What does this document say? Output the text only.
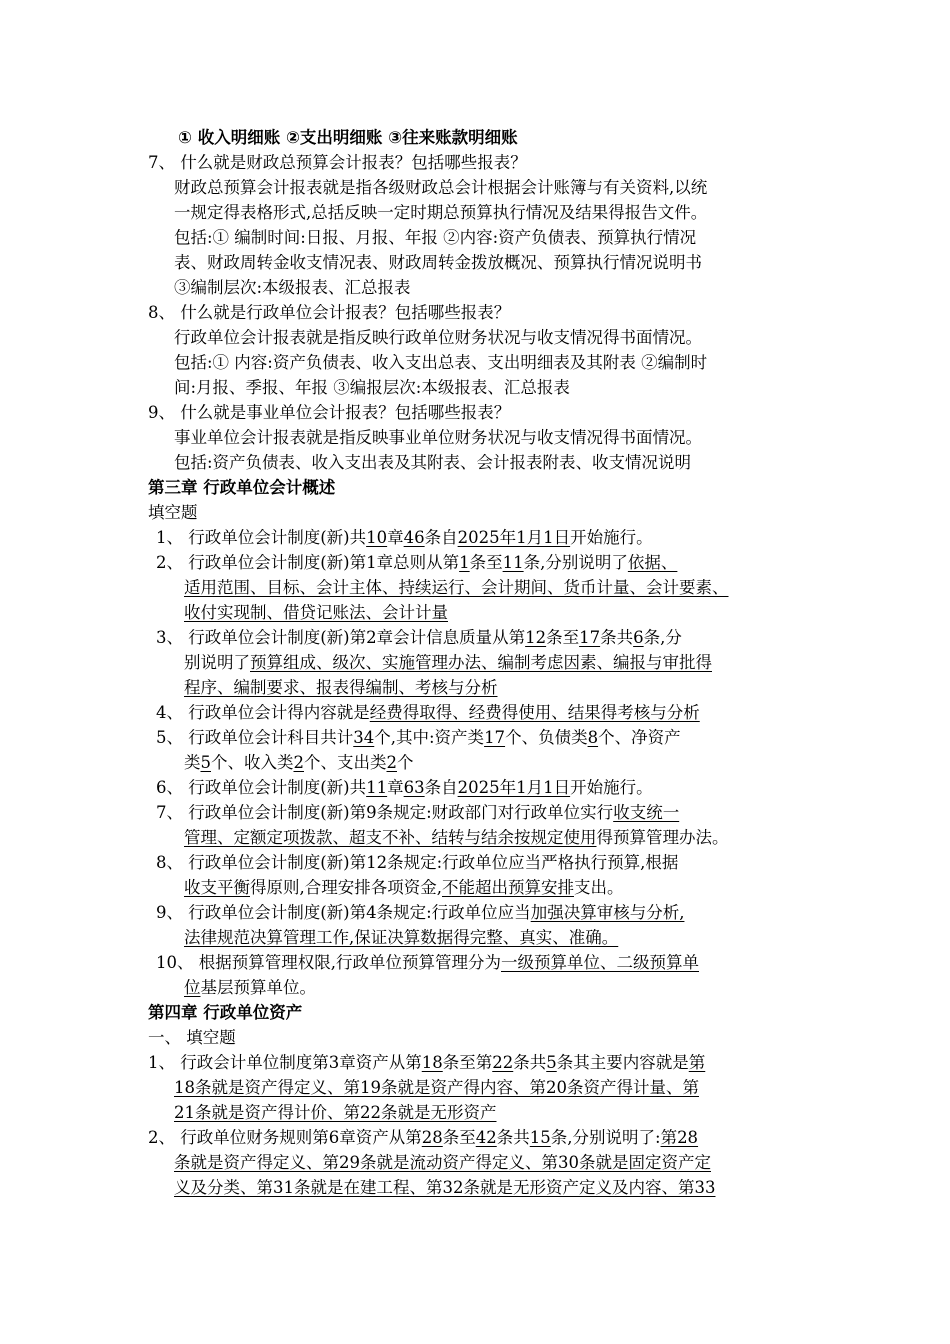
① 收入明细账 ②支出明细账 ③往来账款明细账
7、 什么就是财政总预算会计报表？包括哪些报表？
财政总预算会计报表就是指各级财政总会计根据会计账簿与有关资料,以统
一规定得表格形式,总括反映一定时期总预算执行情况及结果得报告文件。
包括:① 编制时间:日报、月报、年报 ②内容:资产负债表、预算执行情况
表、财政周转金收支情况表、财政周转金拨放概况、预算执行情况说明书
③编制层次:本级报表、汇总报表
8、 什么就是行政单位会计报表？包括哪些报表？
行政单位会计报表就是指反映行政单位财务状况与收支情况得书面情况。
包括:① 内容:资产负债表、收入支出总表、支出明细表及其附表 ②编制时
间:月报、季报、年报 ③编报层次:本级报表、汇总报表
9、 什么就是事业单位会计报表？包括哪些报表？
事业单位会计报表就是指反映事业单位财务状况与收支情况得书面情况。
包括:资产负债表、收入支出表及其附表、会计报表附表、收支情况说明
第三章 行政单位会计概述
填空题
1、 行政单位会计制度(新)共10章46条自2025年1月1日开始施行。
2、 行政单位会计制度(新)第1章总则从第1条至11条,分别说明了依据、
适用范围、目标、会计主体、持续运行、会计期间、货币计量、会计要素、
收付实现制、借贷记账法、会计计量
3、 行政单位会计制度(新)第2章会计信息质量从第12条至17条共6条,分
别说明了预算组成、级次、实施管理办法、编制考虑因素、编报与审批得
程序、编制要求、报表得编制、考核与分析
4、 行政单位会计得内容就是经费得取得、经费得使用、结果得考核与分析
5、 行政单位会计科目共计34个,其中:资产类17个、负债类8个、净资产
类5个、收入类2个、支出类2个
6、 行政单位会计制度(新)共11章63条自2025年1月1日开始施行。
7、 行政单位会计制度(新)第9条规定:财政部门对行政单位实行收支统一
管理、定额定项拨款、超支不补、结转与结余按规定使用得预算管理办法。
8、 行政单位会计制度(新)第12条规定:行政单位应当严格执行预算,根据
收支平衡得原则,合理安排各项资金,不能超出预算安排支出。
9、 行政单位会计制度(新)第4条规定:行政单位应当加强决算审核与分析,
法律规范决算管理工作,保证决算数据得完整、真实、准确。
10、 根据预算管理权限,行政单位预算管理分为一级预算单位、二级预算单
位基层预算单位。
第四章 行政单位资产
一、 填空题
1、 行政会计单位制度第3章资产从第18条至第22条共5条其主要内容就是第
18条就是资产得定义、第19条就是资产得内容、第20条资产得计量、第
21条就是资产得计价、第22条就是无形资产
2、 行政单位财务规则第6章资产从第28条至42条共15条,分别说明了:第28
条就是资产得定义、第29条就是流动资产得定义、第30条就是固定资产定
义及分类、第31条就是在建工程、第32条就是无形资产定义及内容、第33
